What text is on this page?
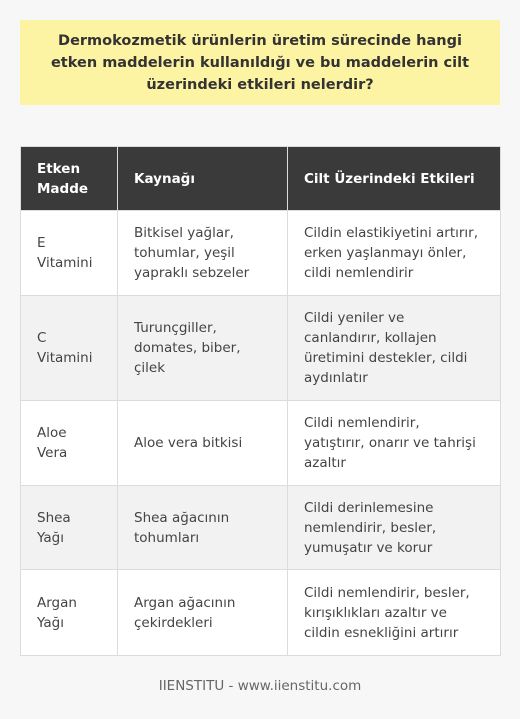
Dermokozmetik ürünlerin üretim sürecinde hangi etken maddelerin kullanıldığı ve bu maddelerin cilt üzerindeki etkileri nelerdir?
Etken Madde	Kaynağı	Cilt Üzerindeki Etkileri
E Vitamini	Bitkisel yağlar, tohumlar, yeşil yapraklı sebzeler	Cildin elastikiyetini artırır, erken yaşlanmayı önler, cildi nemlendirir
C Vitamini	Turunçgiller, domates, biber, çilek	Cildi yeniler ve canlandırır, kollajen üretimini destekler, cildi aydınlatır
Aloe Vera	Aloe vera bitkisi	Cildi nemlendirir, yatıştırır, onarır ve tahrişi azaltır
Shea Yağı	Shea ağacının tohumları	Cildi derinlemesine nemlendirir, besler, yumuşatır ve korur
Argan Yağı	Argan ağacının çekirdekleri	Cildi nemlendirir, besler, kırışıklıkları azaltır ve cildin esnekliğini artırır
IIENSTITU - www.iienstitu.com
